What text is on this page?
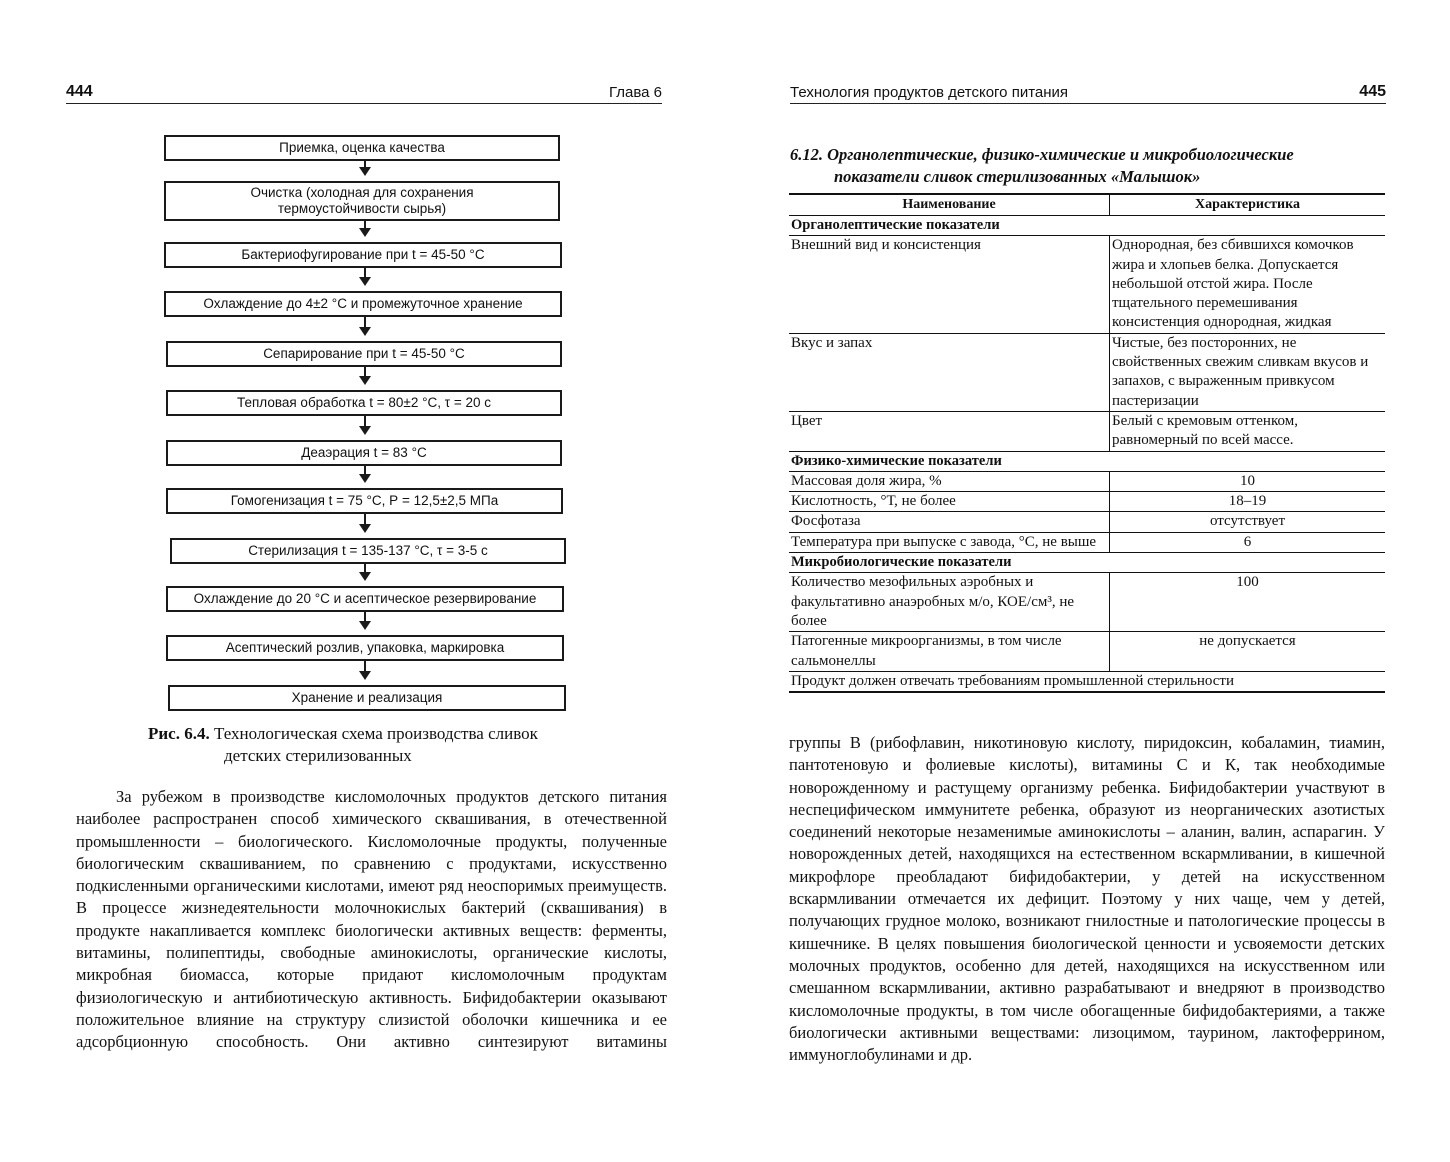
444	Глава 6
Приемка, оценка качества
Очистка (холодная для сохранения
термоустойчивости сырья)
Бактериофугирование при t = 45-50 °С
Охлаждение до 4±2 °С и промежуточное хранение
Сепарирование при t = 45-50 °С
Тепловая обработка t = 80±2 °С, τ = 20 с
Деаэрация t = 83 °С
Гомогенизация t = 75 °С, Р = 12,5±2,5 МПа
Стерилизация t = 135-137 °С, τ = 3-5 с
Охлаждение до 20 °С и асептическое резервирование
Асептический розлив, упаковка, маркировка
Хранение и реализация
Рис. 6.4. Технологическая схема производства сливок
детских стерилизованных

За рубежом в производстве кисломолочных продуктов детского питания наиболее распространен способ химического сквашивания, в отечественной промышленности – биологического. Кисломолочные продукты, полученные биологическим сквашиванием, по сравнению с продуктами, искусственно подкисленными органическими кислотами, имеют ряд неоспоримых преимуществ. В процессе жизнедеятельности молочнокислых бактерий (сквашивания) в продукте накапливается комплекс биологически активных веществ: ферменты, витамины, полипептиды, свободные аминокислоты, органические кислоты, микробная биомасса, которые придают кисломолочным продуктам физиологическую и антибиотическую активность. Бифидобактерии оказывают положительное влияние на структуру слизистой оболочки кишечника и ее адсорбционную способность. Они активно синтезируют витамины

Технология продуктов детского питания	445
6.12. Органолептические, физико-химические и микробиологические
показатели сливок стерилизованных «Малышок»
Наименование	Характеристика
Органолептические показатели	
Внешний вид и консистенция	Однородная, без сбившихся комочков жира и хлопьев белка. Допускается небольшой отстой жира. После тщательного перемешивания консистенция однородная, жидкая
Вкус и запах	Чистые, без посторонних, не свойственных свежим сливкам вкусов и запахов, с выраженным привкусом пастеризации
Цвет	Белый с кремовым оттенком, равномерный по всей массе.
Физико-химические показатели	
Массовая доля жира, %	10
Кислотность, °Т, не более	18–19
Фосфотаза	отсутствует
Температура при выпуске с завода, °С, не выше	6
Микробиологические показатели	
Количество мезофильных аэробных и факультативно анаэробных м/о, КОЕ/см³, не более	100
Патогенные микроорганизмы, в том числе сальмонеллы	не допускается
Продукт должен отвечать требованиям промышленной стерильности	

группы В (рибофлавин, никотиновую кислоту, пиридоксин, кобаламин, тиамин, пантотеновую и фолиевые кислоты), витамины С и К, так необходимые новорожденному и растущему организму ребенка. Бифидобактерии участвуют в неспецифическом иммунитете ребенка, образуют из неорганических азотистых соединений некоторые незаменимые аминокислоты – аланин, валин, аспарагин. У новорожденных детей, находящихся на естественном вскармливании, в кишечной микрофлоре преобладают бифидобактерии, у детей на искусственном вскармливании отмечается их дефицит. Поэтому у них чаще, чем у детей, получающих грудное молоко, возникают гнилостные и патологические процессы в кишечнике. В целях повышения биологической ценности и усвояемости детских молочных продуктов, особенно для детей, находящихся на искусственном или смешанном вскармливании, активно разрабатывают и внедряют в производство кисломолочные продукты, в том числе обогащенные бифидобактериями, а также биологически активными веществами: лизоцимом, таурином, лактоферрином, иммуноглобулинами и др.
